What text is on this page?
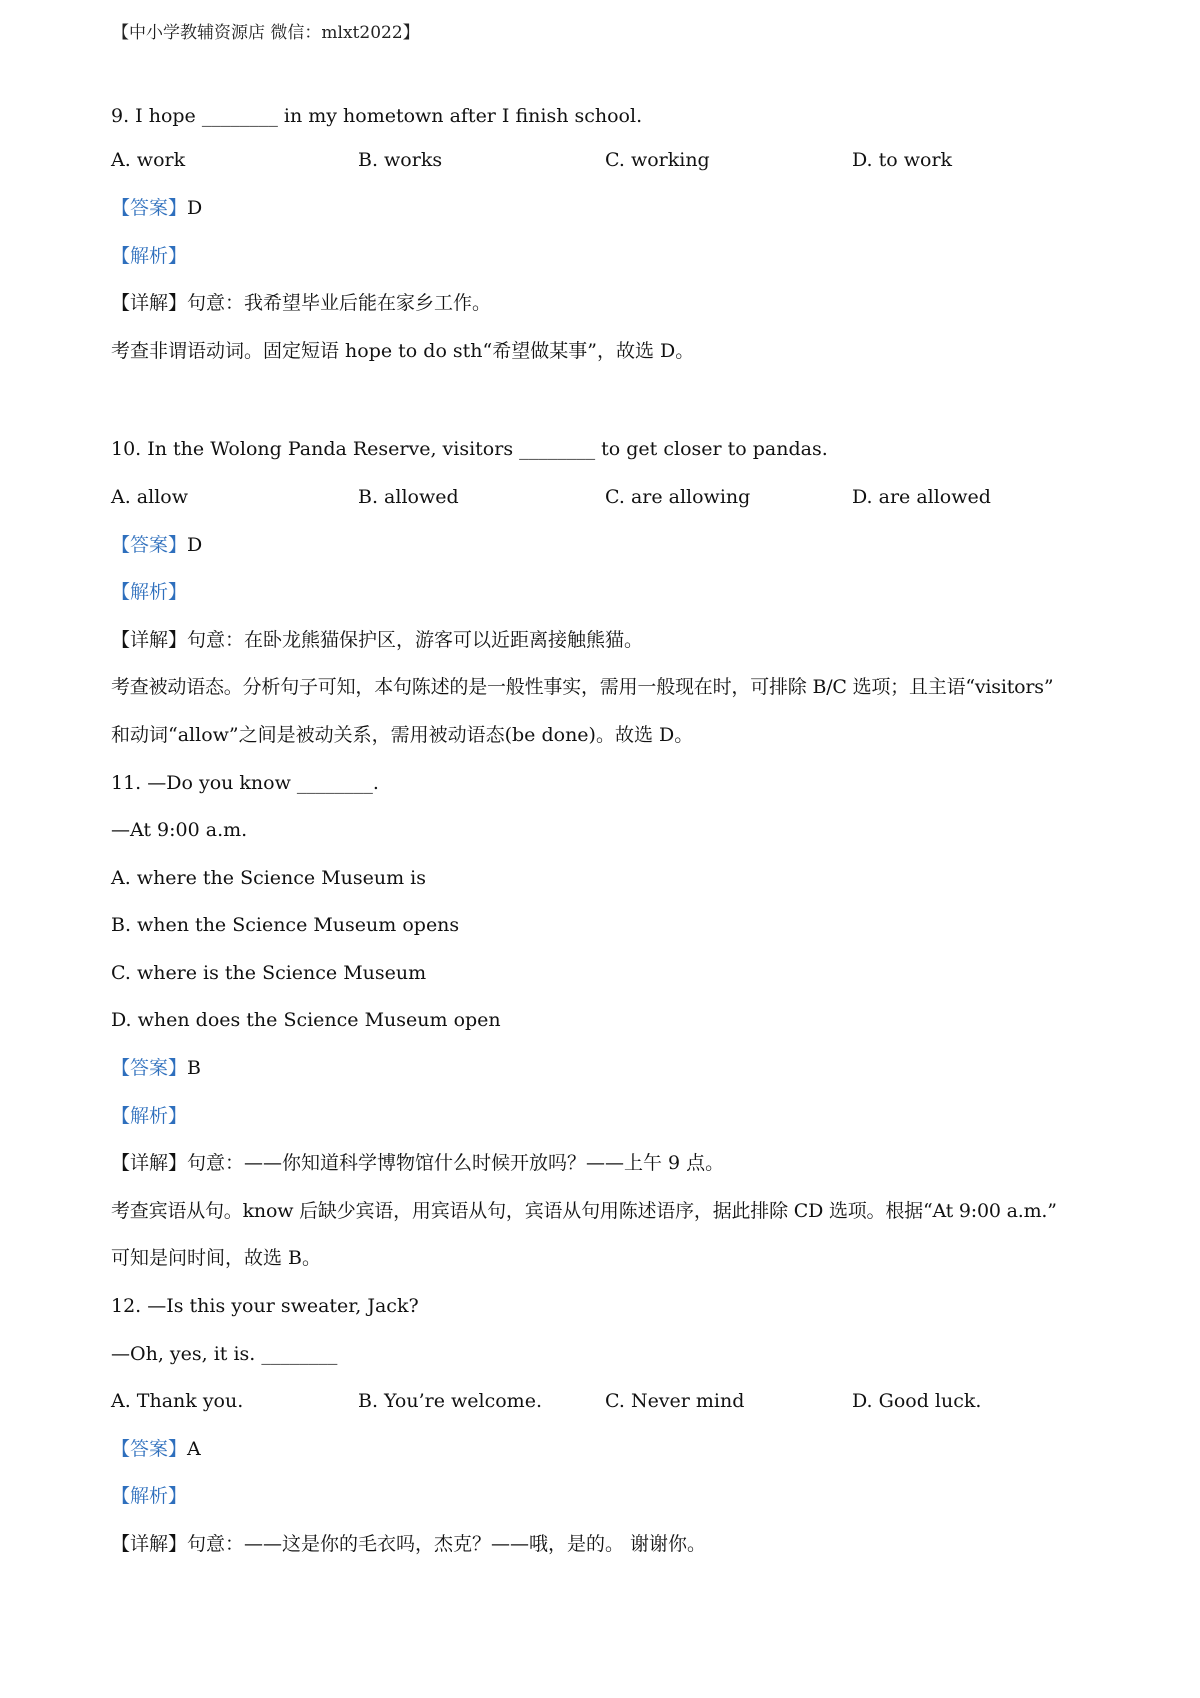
【中小学教辅资源店 微信：mlxt2022】
9. I hope ________ in my hometown after I finish school.
A. work	B. works	C. working	D. to work
【答案】D
【解析】
【详解】句意：我希望毕业后能在家乡工作。
考查非谓语动词。固定短语 hope to do sth“希望做某事”，故选 D。
10. In the Wolong Panda Reserve, visitors ________ to get closer to pandas.
A. allow	B. allowed	C. are allowing	D. are allowed
【答案】D
【解析】
【详解】句意：在卧龙熊猫保护区，游客可以近距离接触熊猫。
考查被动语态。分析句子可知，本句陈述的是一般性事实，需用一般现在时，可排除 B/C 选项；且主语“visitors”
和动词“allow”之间是被动关系，需用被动语态(be done)。故选 D。
11. —Do you know ________.
—At 9:00 a.m.
A. where the Science Museum is
B. when the Science Museum opens
C. where is the Science Museum
D. when does the Science Museum open
【答案】B
【解析】
【详解】句意：——你知道科学博物馆什么时候开放吗？——上午 9 点。
考查宾语从句。know 后缺少宾语，用宾语从句，宾语从句用陈述语序，据此排除 CD 选项。根据“At 9:00 a.m.”
可知是问时间，故选 B。
12. —Is this your sweater, Jack?
—Oh, yes, it is. ________
A. Thank you.	B. You’re welcome.	C. Never mind	D. Good luck.
【答案】A
【解析】
【详解】句意：——这是你的毛衣吗，杰克？——哦，是的。 谢谢你。
